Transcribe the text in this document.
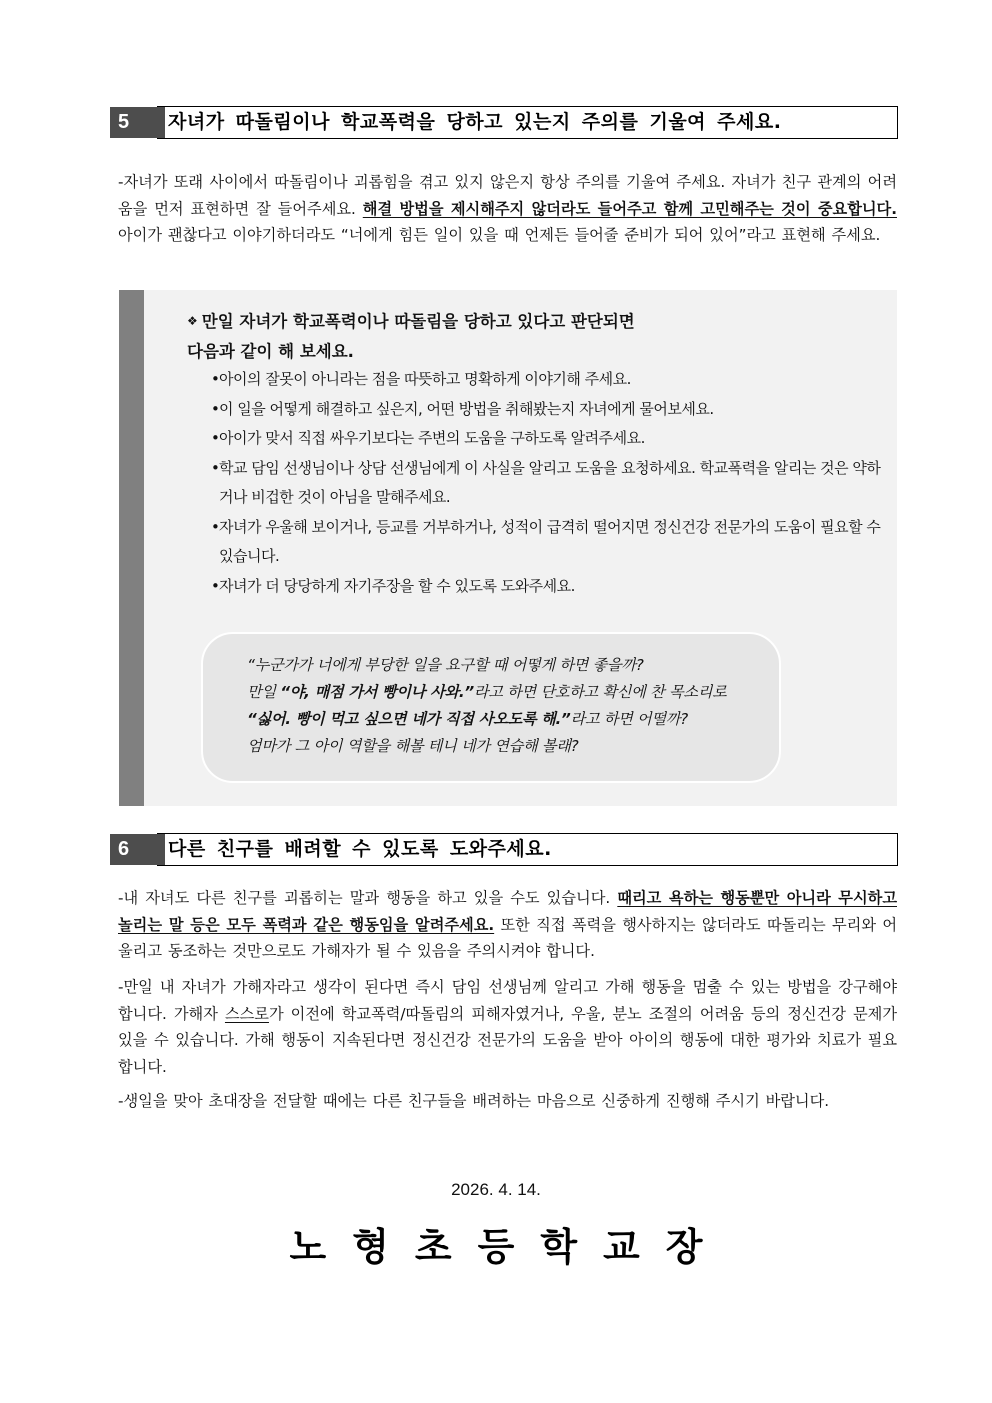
5	자녀가 따돌림이나 학교폭력을 당하고 있는지 주의를 기울여 주세요.
-자녀가 또래 사이에서 따돌림이나 괴롭힘을 겪고 있지 않은지 항상 주의를 기울여 주세요. 자녀가 친구 관계의 어려움을 먼저 표현하면 잘 들어주세요. 해결 방법을 제시해주지 않더라도 들어주고 함께 고민해주는 것이 중요합니다. 아이가 괜찮다고 이야기하더라도 “너에게 힘든 일이 있을 때 언제든 들어줄 준비가 되어 있어”라고 표현해 주세요.
❖ 만일 자녀가 학교폭력이나 따돌림을 당하고 있다고 판단되면
다음과 같이 해 보세요.
•아이의 잘못이 아니라는 점을 따뜻하고 명확하게 이야기해 주세요.
•이 일을 어떻게 해결하고 싶은지, 어떤 방법을 취해봤는지 자녀에게 물어보세요.
•아이가 맞서 직접 싸우기보다는 주변의 도움을 구하도록 알려주세요.
•학교 담임 선생님이나 상담 선생님에게 이 사실을 알리고 도움을 요청하세요. 학교폭력을 알리는 것은 약하거나 비겁한 것이 아님을 말해주세요.
•자녀가 우울해 보이거나, 등교를 거부하거나, 성적이 급격히 떨어지면 정신건강 전문가의 도움이 필요할 수 있습니다.
•자녀가 더 당당하게 자기주장을 할 수 있도록 도와주세요.
“누군가가 너에게 부당한 일을 요구할 때 어떻게 하면 좋을까?
만일 “야, 매점 가서 빵이나 사와.”라고 하면 단호하고 확신에 찬 목소리로
“싫어. 빵이 먹고 싶으면 네가 직접 사오도록 해.”라고 하면 어떨까?
엄마가 그 아이 역할을 해볼 테니 네가 연습해 볼래?
6	다른 친구를 배려할 수 있도록 도와주세요.
-내 자녀도 다른 친구를 괴롭히는 말과 행동을 하고 있을 수도 있습니다. 때리고 욕하는 행동뿐만 아니라 무시하고 놀리는 말 등은 모두 폭력과 같은 행동임을 알려주세요. 또한 직접 폭력을 행사하지는 않더라도 따돌리는 무리와 어울리고 동조하는 것만으로도 가해자가 될 수 있음을 주의시켜야 합니다.
-만일 내 자녀가 가해자라고 생각이 된다면 즉시 담임 선생님께 알리고 가해 행동을 멈출 수 있는 방법을 강구해야 합니다. 가해자 스스로가 이전에 학교폭력/따돌림의 피해자였거나, 우울, 분노 조절의 어려움 등의 정신건강 문제가 있을 수 있습니다. 가해 행동이 지속된다면 정신건강 전문가의 도움을 받아 아이의 행동에 대한 평가와 치료가 필요합니다.
-생일을 맞아 초대장을 전달할 때에는 다른 친구들을 배려하는 마음으로 신중하게 진행해 주시기 바랍니다.
2026. 4. 14.
노형초등학교장
